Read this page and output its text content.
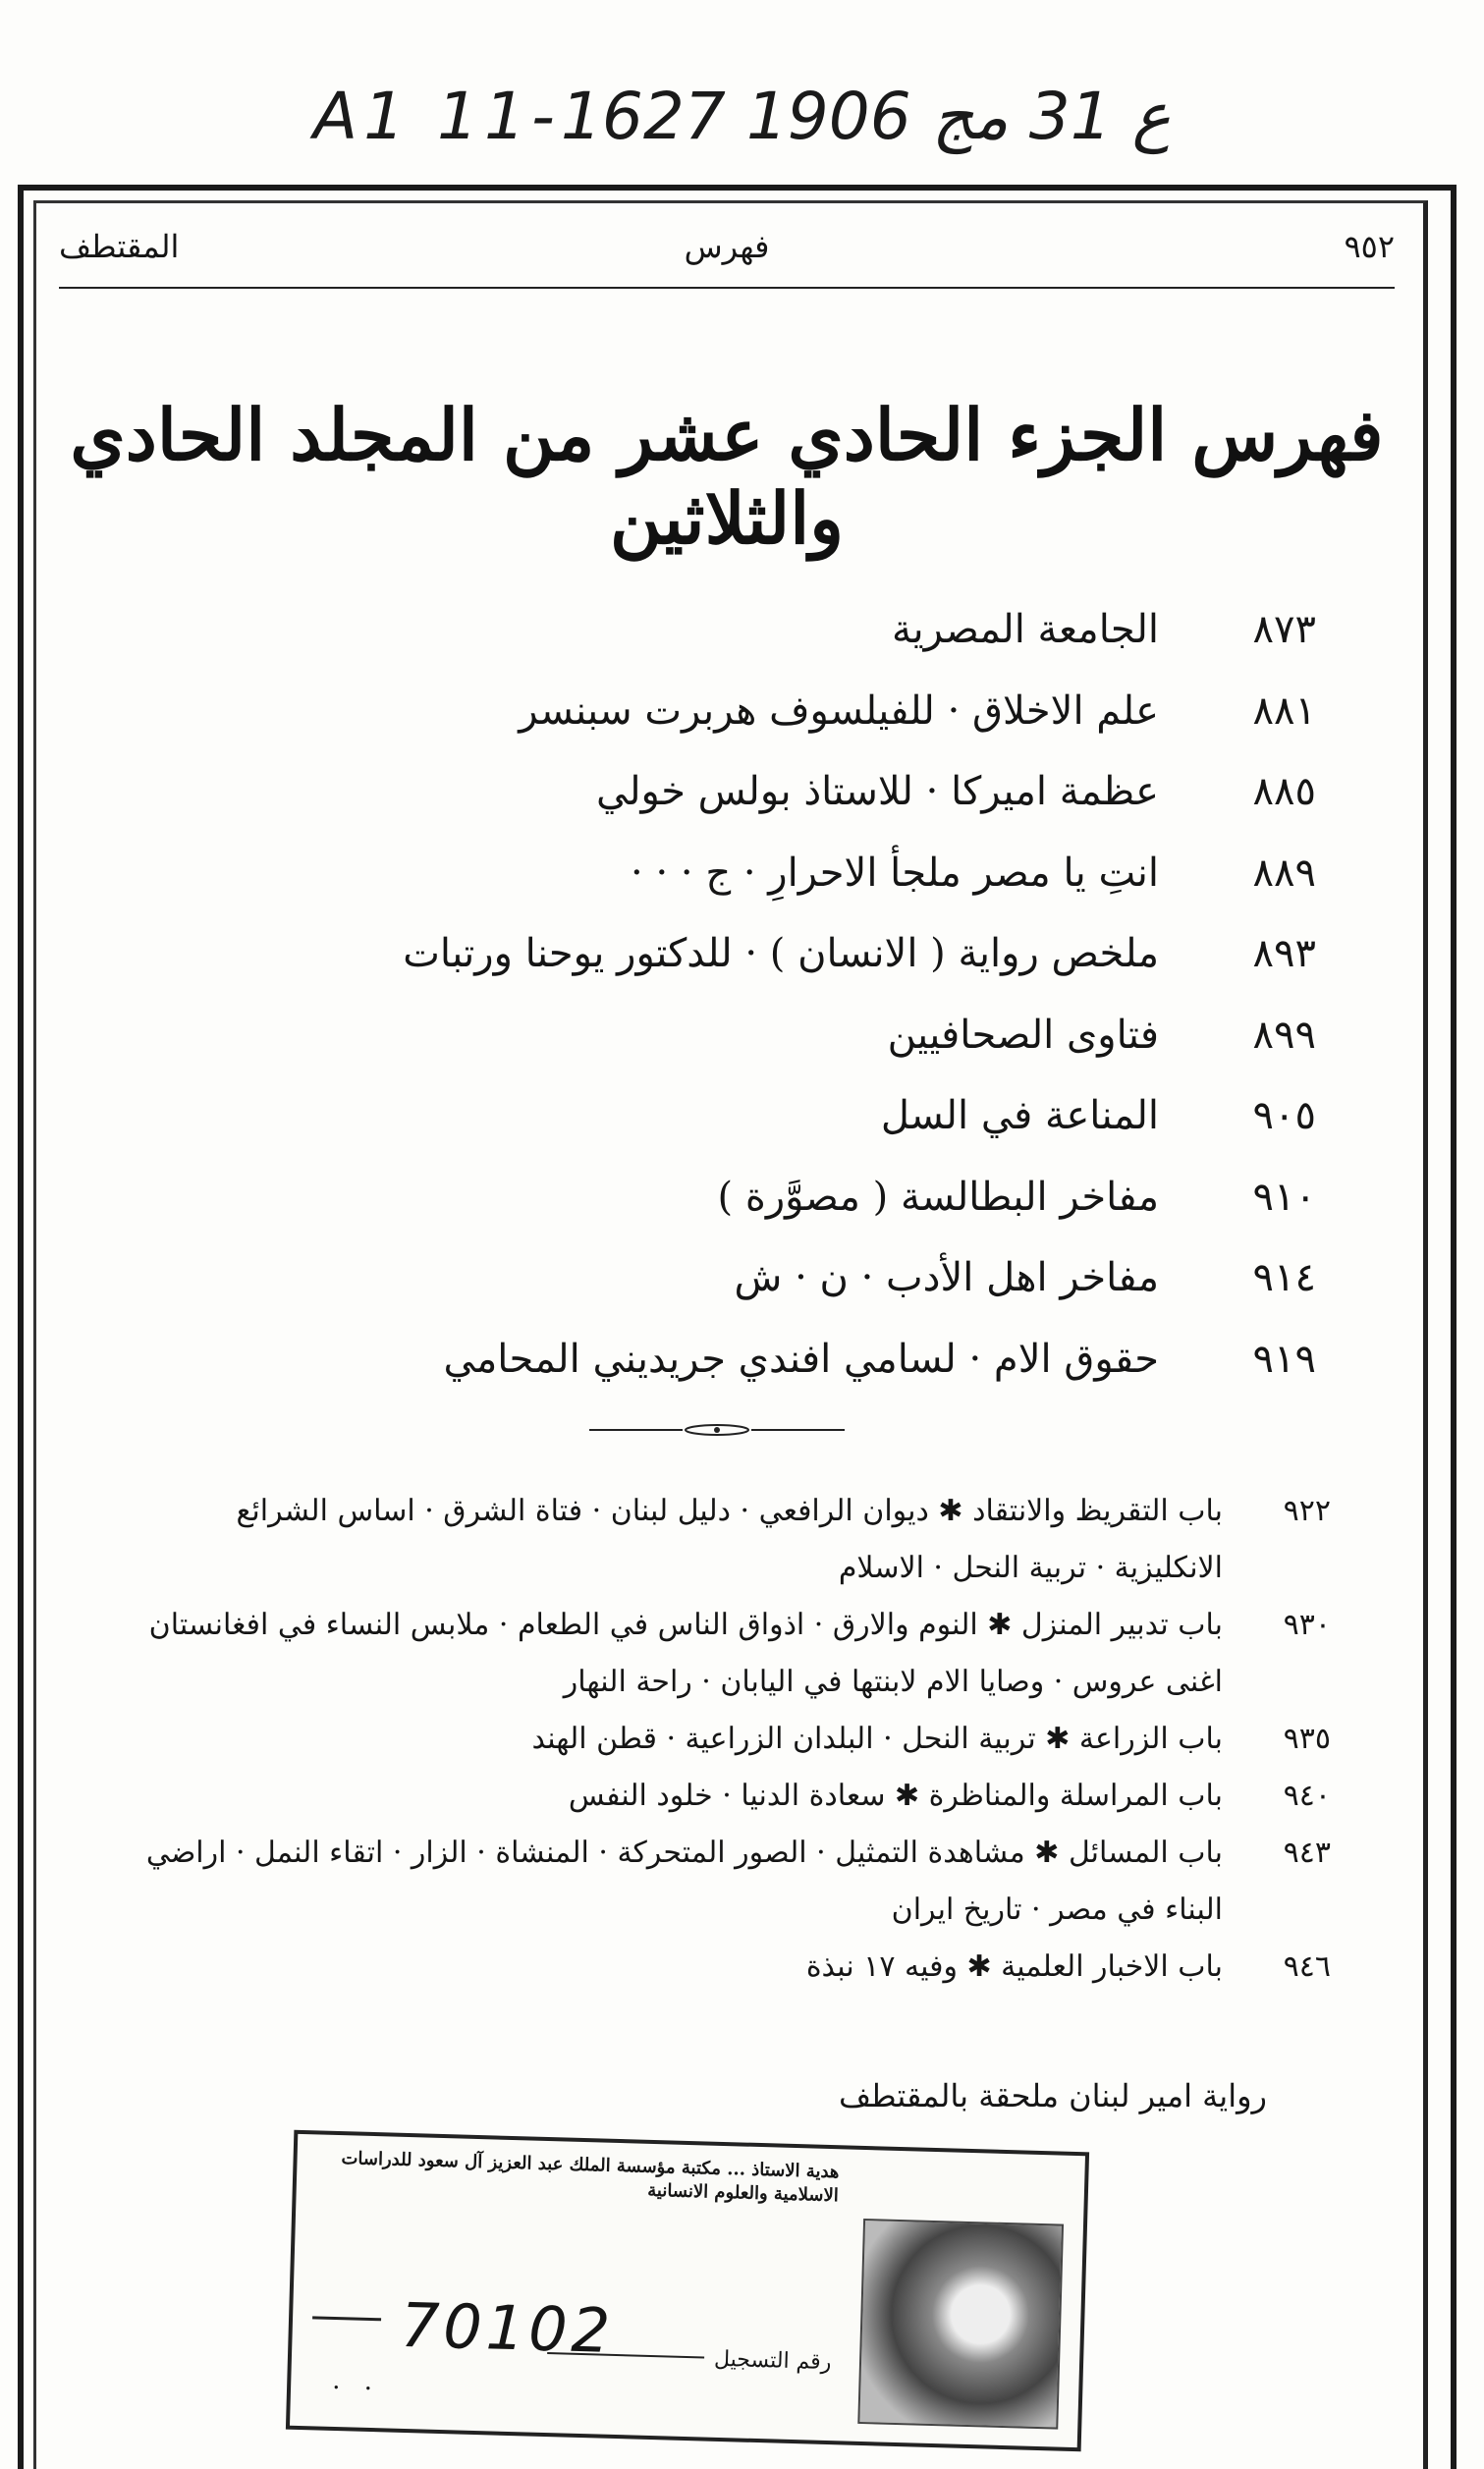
A1 11-ع 31 مج 1906 1627
٩٥٢
فهرس
المقتطف
فهرس الجزء الحادي عشر من المجلد الحادي والثلاثين
٨٧٣
الجامعة المصرية
٨٨١
علم الاخلاق · للفيلسوف هربرت سبنسر
٨٨٥
عظمة اميركا · للاستاذ بولس خولي
٨٨٩
انتِ يا مصر ملجأ الاحرارِ · ج · · ·
٨٩٣
ملخص رواية ( الانسان ) · للدكتور يوحنا ورتبات
٨٩٩
فتاوى الصحافيين
٩٠٥
المناعة في السل
٩١٠
مفاخر البطالسة ( مصوَّرة )
٩١٤
مفاخر اهل الأدب · ن · ش
٩١٩
حقوق الام · لسامي افندي جريديني المحامي
٩٢٢
باب التقريظ والانتقاد ✱ ديوان الرافعي · دليل لبنان · فتاة الشرق · اساس الشرائع
الانكليزية · تربية النحل · الاسلام
٩٣٠
باب تدبير المنزل ✱ النوم والارق · اذواق الناس في الطعام · ملابس النساء في افغانستان
اغنى عروس · وصايا الام لابنتها في اليابان · راحة النهار
٩٣٥
باب الزراعة ✱ تربية النحل · البلدان الزراعية · قطن الهند
٩٤٠
باب المراسلة والمناظرة ✱ سعادة الدنيا · خلود النفس
٩٤٣
باب المسائل ✱ مشاهدة التمثيل · الصور المتحركة · المنشاة · الزار · اتقاء النمل · اراضي
البناء في مصر · تاريخ ايران
٩٤٦
باب الاخبار العلمية ✱ وفيه ١٧ نبذة
رواية امير لبنان ملحقة بالمقتطف
هدية الاستاذ ... مكتبة مؤسسة الملك عبد العزيز آل سعود للدراسات الاسلامية والعلوم الانسانية
70102	رقم التسجيل
. .
